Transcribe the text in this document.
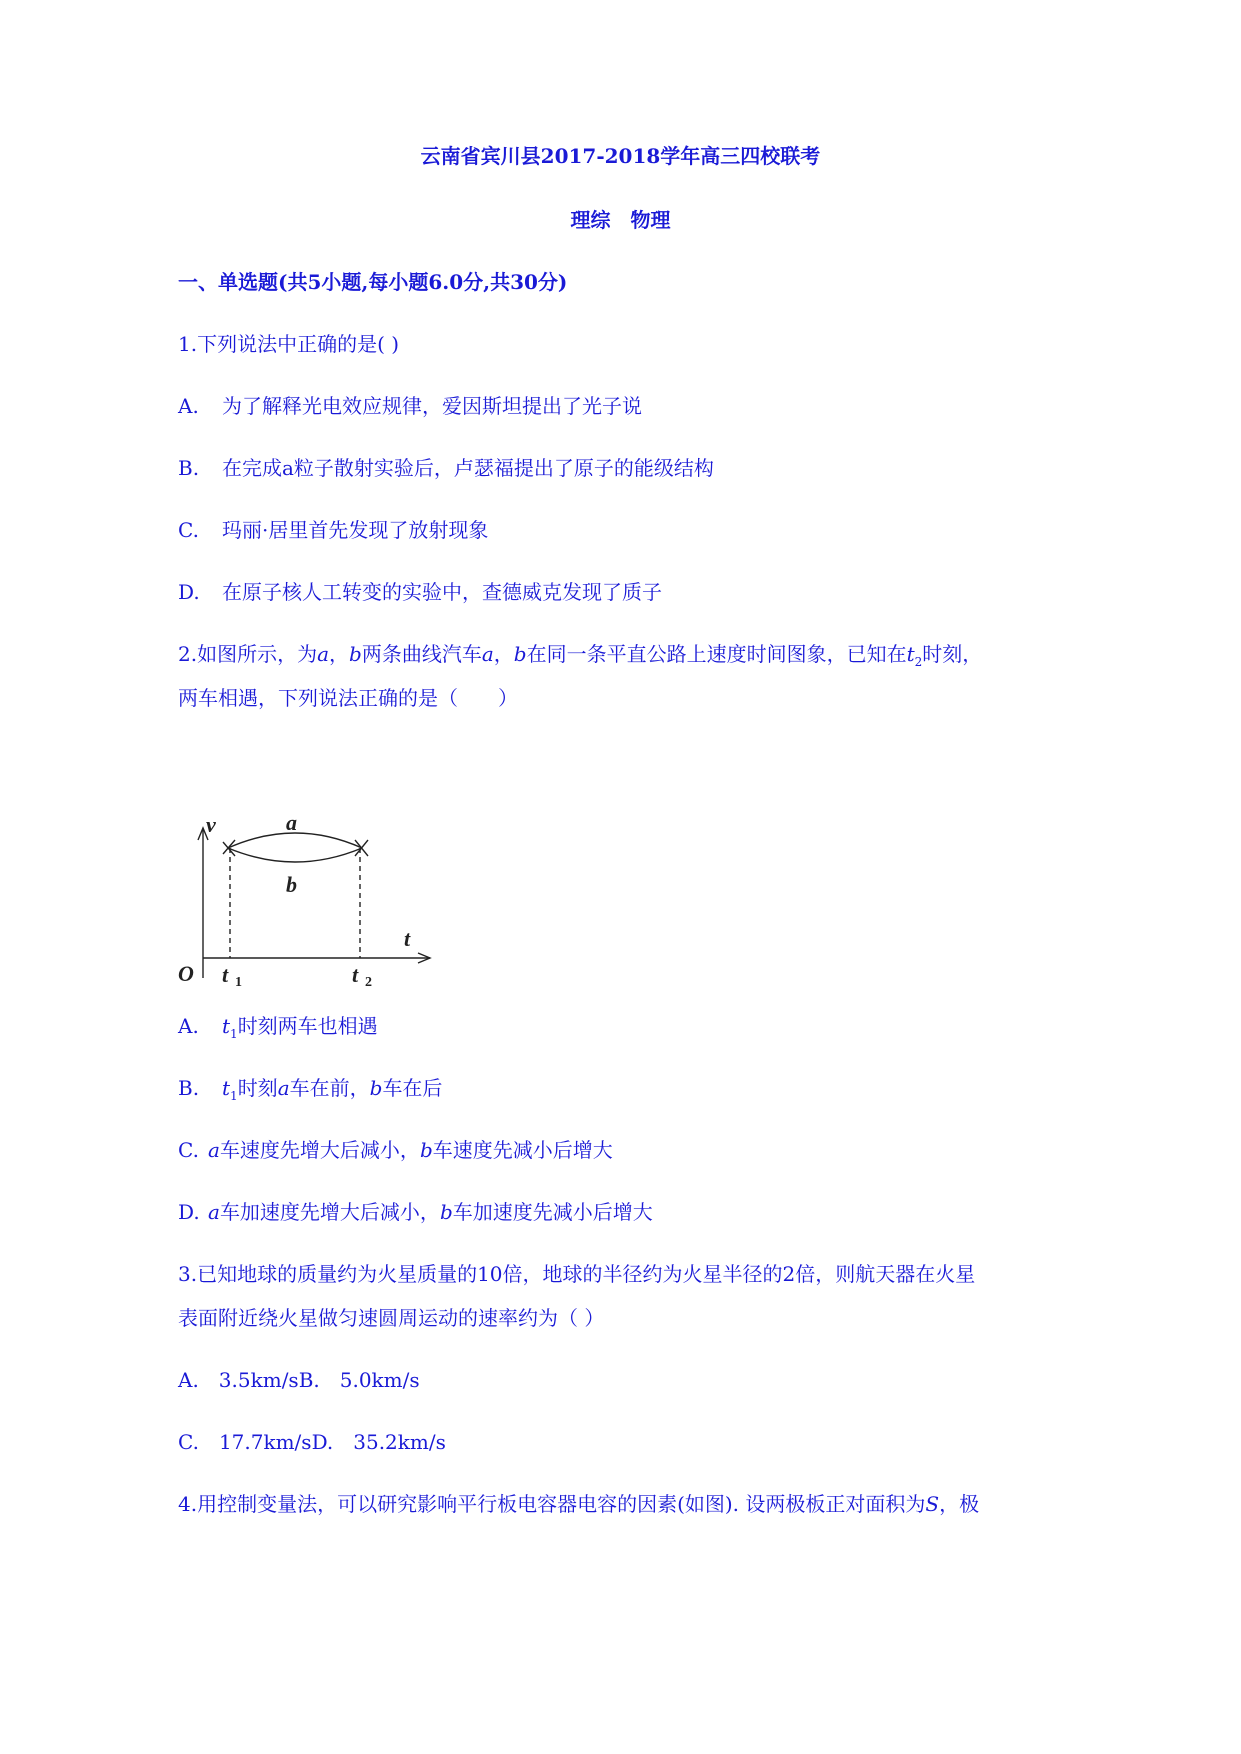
云南省宾川县2017-2018学年高三四校联考
理综　物理
一、单选题(共5小题,每小题6.0分,共30分)
1.下列说法中正确的是( )
A. 为了解释光电效应规律，爱因斯坦提出了光子说
B. 在完成a粒子散射实验后，卢瑟福提出了原子的能级结构
C. 玛丽·居里首先发现了放射现象
D. 在原子核人工转变的实验中，查德威克发现了质子
2.如图所示，为a，b两条曲线汽车a，b在同一条平直公路上速度时间图象，已知在$t_2$时刻，
两车相遇，下列说法正确的是（　　）
v
t
O
a
b
t 1	t 2
A. $t_1$时刻两车也相遇
B. $t_1$时刻a车在前，b车在后
C. a车速度先增大后减小，b车速度先减小后增大
D. a车加速度先增大后减小，b车加速度先减小后增大
3.已知地球的质量约为火星质量的10倍，地球的半径约为火星半径的2倍，则航天器在火星
表面附近绕火星做匀速圆周运动的速率约为（ ）
A.　3.5km/sB.　5.0km/s
C.　17.7km/sD.　35.2km/s
4.用控制变量法，可以研究影响平行板电容器电容的因素(如图). 设两极板正对面积为S，极
